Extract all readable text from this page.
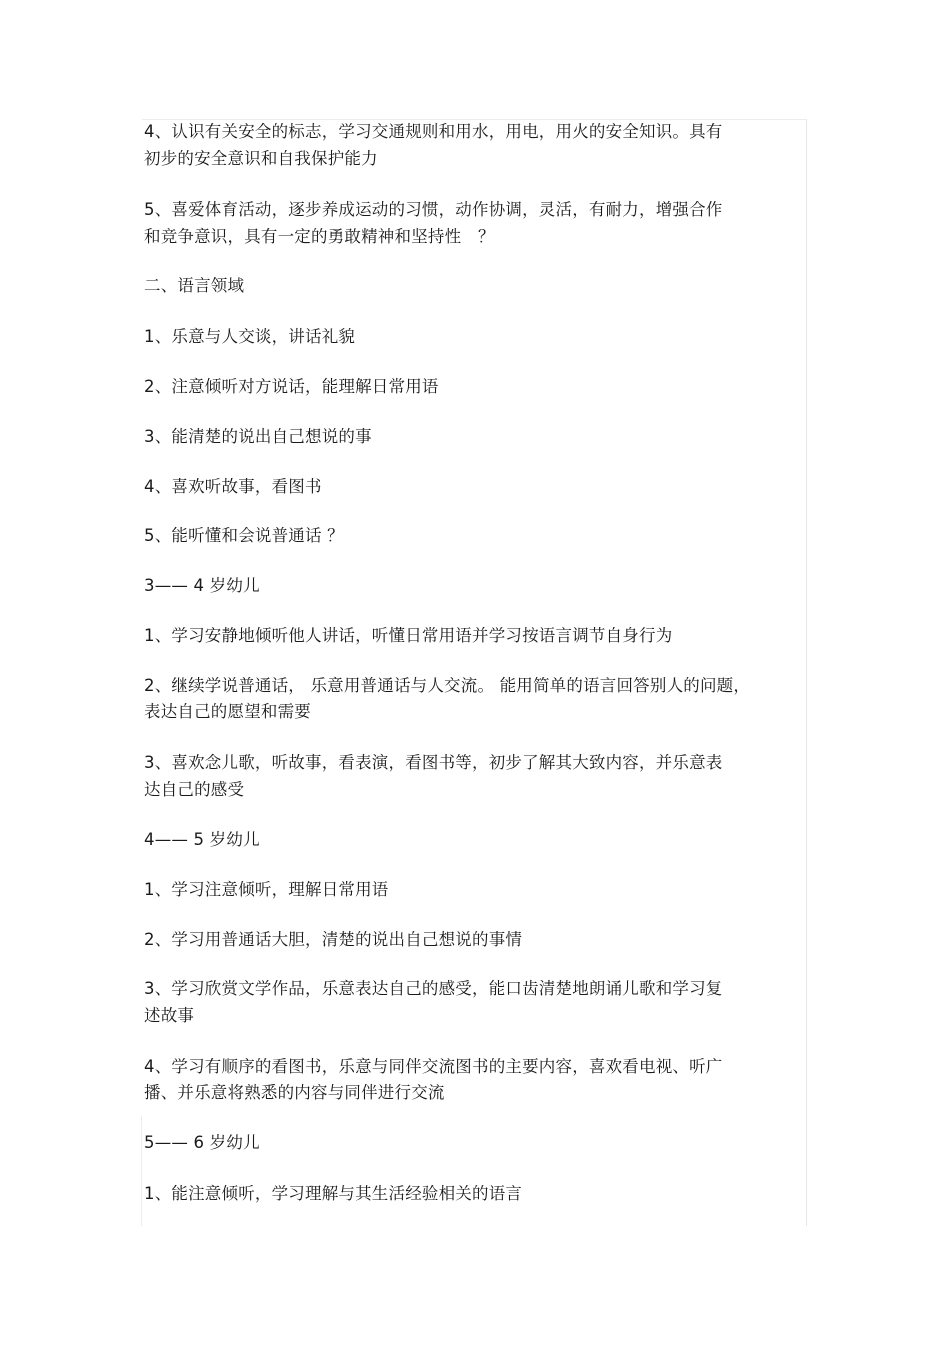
4、认识有关安全的标志，学习交通规则和用水，用电，用火的安全知识。具有
初步的安全意识和自我保护能力
5、喜爱体育活动，逐步养成运动的习惯，动作协调，灵活，有耐力，增强合作
和竞争意识，具有一定的勇敢精神和坚持性　？
二、语言领域
1、乐意与人交谈，讲话礼貌
2、注意倾听对方说话，能理解日常用语
3、能清楚的说出自己想说的事
4、喜欢听故事，看图书
5、能听懂和会说普通话 ？
3—— 4 岁幼儿
1、学习安静地倾听他人讲话，听懂日常用语并学习按语言调节自身行为
2、继续学说普通话， 乐意用普通话与人交流。 能用简单的语言回答别人的问题，
表达自己的愿望和需要
3、喜欢念儿歌，听故事，看表演，看图书等，初步了解其大致内容，并乐意表
达自己的感受
4—— 5 岁幼儿
1、学习注意倾听，理解日常用语
2、学习用普通话大胆，清楚的说出自己想说的事情
3、学习欣赏文学作品，乐意表达自己的感受，能口齿清楚地朗诵儿歌和学习复
述故事
4、学习有顺序的看图书，乐意与同伴交流图书的主要内容，喜欢看电视、听广
播、并乐意将熟悉的内容与同伴进行交流
5—— 6 岁幼儿
1、能注意倾听，学习理解与其生活经验相关的语言
